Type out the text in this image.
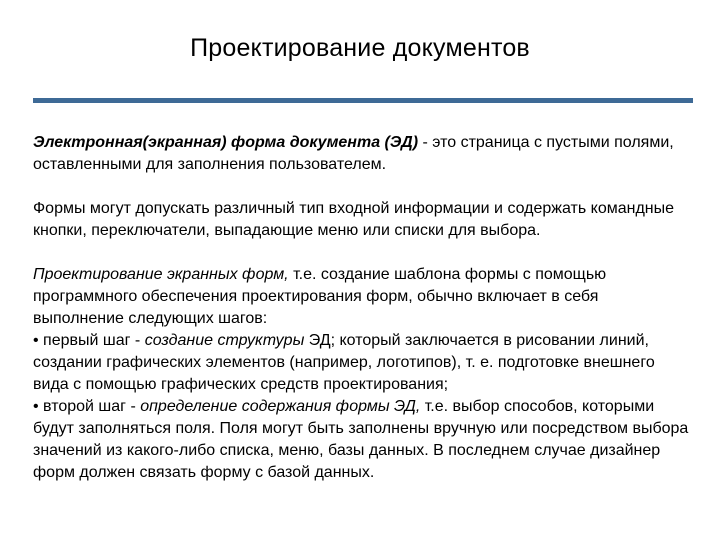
Проектирование документов

Электронная(экранная) форма документа (ЭД) - это страница с пустыми полями, оставленными для заполнения пользователем.

Формы могут допускать различный тип входной информации и содержать командные кнопки, переключатели, выпадающие меню или списки для выбора.

Проектирование экранных форм, т.е. создание шаблона формы с помощью программного обеспечения проектирования форм, обычно включает в себя выполнение следующих шагов:

• первый шаг - создание структуры ЭД; который заключается в рисовании линий, создании графических элементов (например, логотипов), т. е. подготовке внешнего вида с помощью графических средств проектирования;

• второй шаг - определение содержания формы ЭД, т.е. выбор способов, которыми будут заполняться поля. Поля могут быть заполнены вручную или посредством выбора значений из какого-либо списка, меню, базы данных. В последнем случае дизайнер форм должен связать форму с базой данных.
